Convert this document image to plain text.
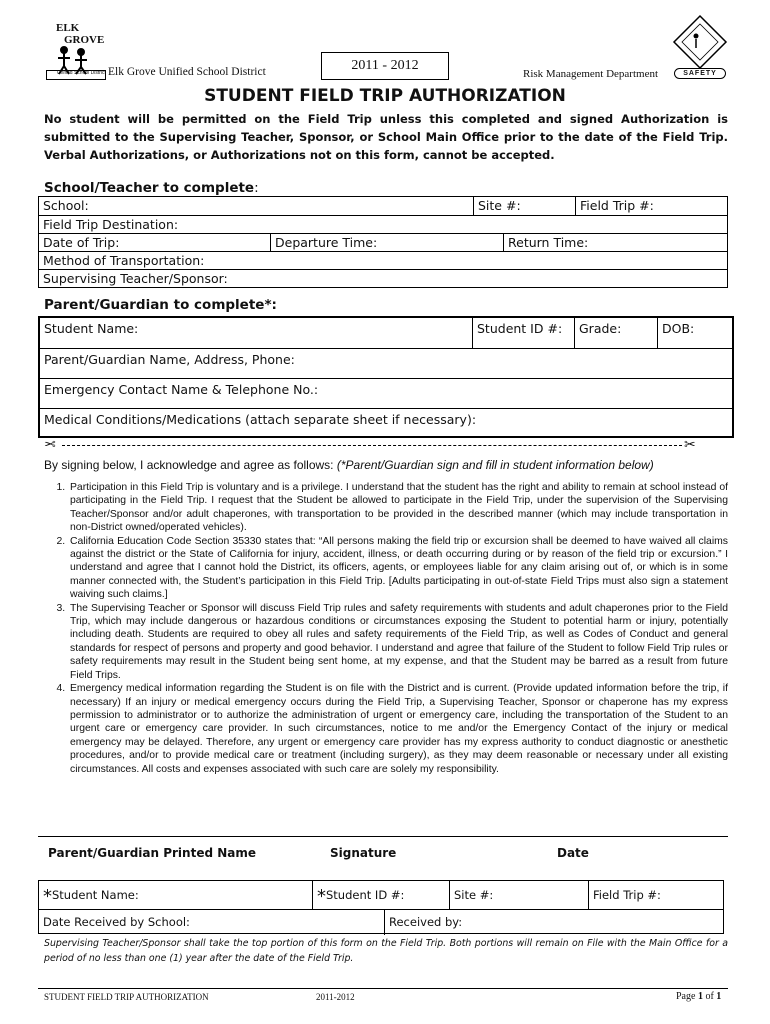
ELK
GROVE
Unified School District Elk Grove Unified School District	2011 - 2012
Risk Management Department	SAFETY
STUDENT FIELD TRIP AUTHORIZATION
No student will be permitted on the Field Trip unless this completed and signed Authorization is submitted to the Supervising Teacher, Sponsor, or School Main Office prior to the date of the Field Trip. Verbal Authorizations, or Authorizations not on this form, cannot be accepted.
School/Teacher to complete:
School:	Site #:	Field Trip #:
Field Trip Destination:
Date of Trip:	Departure Time:	Return Time:
Method of Transportation:
Supervising Teacher/Sponsor:
Parent/Guardian to complete*:
Student Name:	Student ID #:	Grade:	DOB:
Parent/Guardian Name, Address, Phone:
Emergency Contact Name & Telephone No.:
Medical Conditions/Medications (attach separate sheet if necessary):
✂	✂
By signing below, I acknowledge and agree as follows: (*Parent/Guardian sign and fill in student information below)
1. Participation in this Field Trip is voluntary and is a privilege. I understand that the student has the right and ability to remain at school instead of participating in the Field Trip. I request that the Student be allowed to participate in the Field Trip, under the supervision of the Supervising Teacher/Sponsor and/or adult chaperones, with transportation to be provided in the described manner (which may include transportation in non-District owned/operated vehicles).
2. California Education Code Section 35330 states that: “All persons making the field trip or excursion shall be deemed to have waived all claims against the district or the State of California for injury, accident, illness, or death occurring during or by reason of the field trip or excursion.” I understand and agree that I cannot hold the District, its officers, agents, or employees liable for any claim arising out of, or which is in some manner connected with, the Student’s participation in this Field Trip. [Adults participating in out-of-state Field Trips must also sign a statement waiving such claims.]
3. The Supervising Teacher or Sponsor will discuss Field Trip rules and safety requirements with students and adult chaperones prior to the Field Trip, which may include dangerous or hazardous conditions or circumstances exposing the Student to potential harm or injury, potentially including death. Students are required to obey all rules and safety requirements of the Field Trip, as well as Codes of Conduct and general standards for respect of persons and property and good behavior. I understand and agree that failure of the Student to follow Field Trip rules or safety requirements may result in the Student being sent home, at my expense, and that the Student may be barred as a result from future Field Trips.
4. Emergency medical information regarding the Student is on file with the District and is current. (Provide updated information before the trip, if necessary) If an injury or medical emergency occurs during the Field Trip, a Supervising Teacher, Sponsor or chaperone has my express permission to administrator or to authorize the administration of urgent or emergency care, including the transportation of the Student to an urgent care or emergency care provider. In such circumstances, notice to me and/or the Emergency Contact of the injury or medical emergency may be delayed. Therefore, any urgent or emergency care provider has my express authority to conduct diagnostic or anesthetic procedures, and/or to provide medical care or treatment (including surgery), as they may deem reasonable or necessary under all existing circumstances. All costs and expenses associated with such care are solely my responsibility.
Parent/Guardian Printed Name	Signature	Date
*Student Name:	*Student ID #:	Site #:	Field Trip #:
Date Received by School:	Received by:
Supervising Teacher/Sponsor shall take the top portion of this form on the Field Trip. Both portions will remain on File with the Main Office for a period of no less than one (1) year after the date of the Field Trip.
STUDENT FIELD TRIP AUTHORIZATION	2011-2012	Page 1 of 1
